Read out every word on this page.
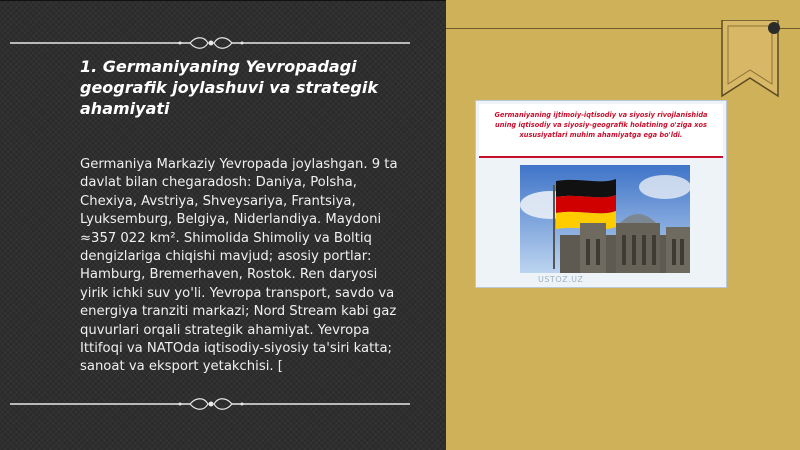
1. Germaniyaning Yevropadagi geografik joylashuvi va strategik ahamiyati

Germaniya Markaziy Yevropada joylashgan. 9 ta davlat bilan chegaradosh: Daniya, Polsha, Chexiya, Avstriya, Shveysariya, Frantsiya, Lyuksemburg, Belgiya, Niderlandiya. Maydoni ≈357 022 km². Shimolida Shimoliy va Boltiq dengizlariga chiqishi mavjud; asosiy portlar: Hamburg, Bremerhaven, Rostok. Ren daryosi yirik ichki suv yo'li. Yevropa transport, savdo va energiya tranziti markazi; Nord Stream kabi gaz quvurlari orqali strategik ahamiyat. Yevropa Ittifoqi va NATOda iqtisodiy-siyosiy ta'siri katta; sanoat va eksport yetakchisi. [

Germaniyaning ijtimoiy-iqtisodiy va siyosiy rivojlanishida uning iqtisodiy va siyosiy-geografik holatining o'ziga xos xususiyatlari muhim ahamiyatga ega bo'ldi.
USTOZ.UZ
